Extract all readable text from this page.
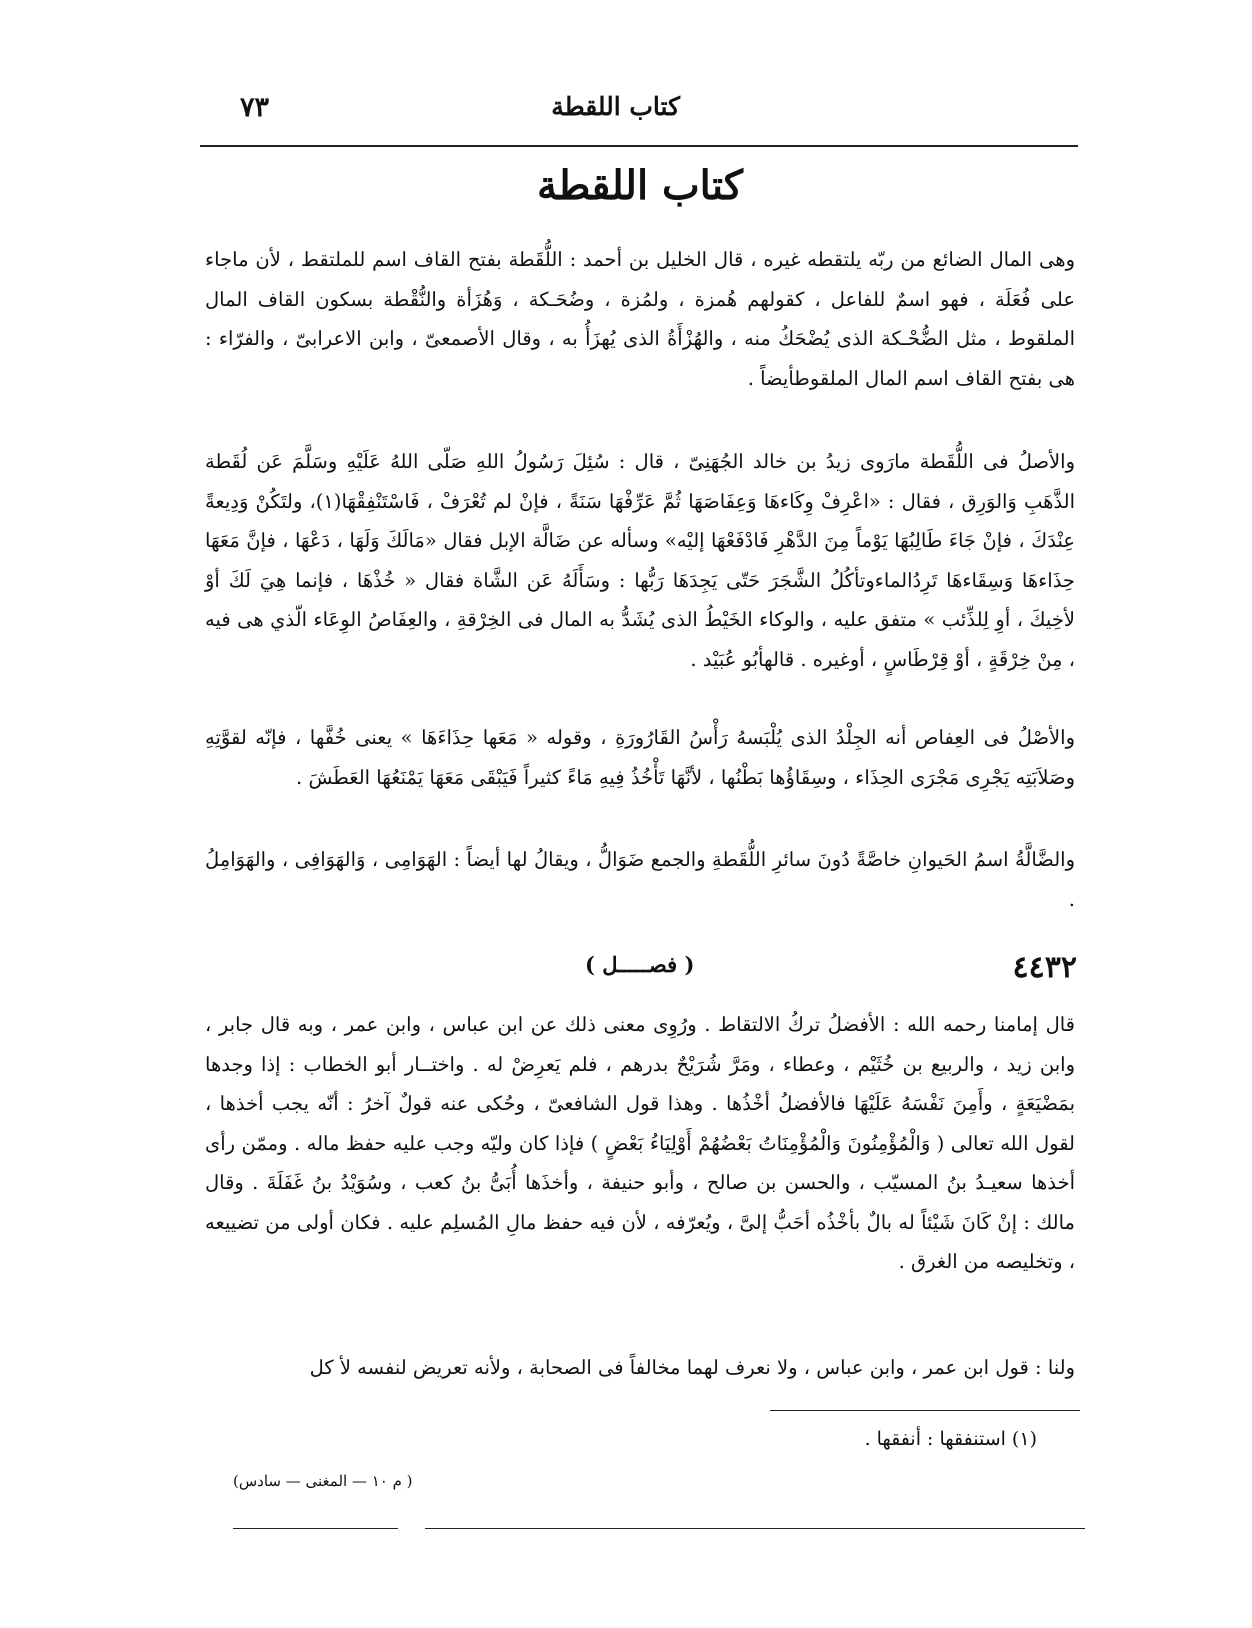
كتاب اللقطة
٧٣
كتاب اللقطة

وهى المال الضائع من ربّه يلتقطه غيره ، قال الخليل بن أحمد : اللُّقَطة بفتح القاف اسم للملتقط ، لأن ماجاء على فُعَلَة ، فهو اسمٌ للفاعل ، كقولهم هُمزة ، ولمُزة ، وضُحَـكة ، وَهُزَأة والنُّقْطة بسكون القاف المال الملقوط ، مثل الضُّحْـكة الذى يُضْحَكُ منه ، والهُزْأَةُ الذى يُهزَأُ به ، وقال الأصمعىّ ، وابن الاعرابىّ ، والفرّاء : هى بفتح القاف اسم المال الملقوطأيضاً .

والأصلُ فى اللُّقَطة مارَوى زيدُ بن خالد الجُهَنِىّ ، قال : سُئِلَ رَسُولُ اللهِ صَلّى اللهُ عَلَيْهِ وسَلَّمَ عَن لُقَطة الذَّهَبِ وَالوَرِق ، فقال : «اعْرِفْ وِكَاءهَا وَعِفَاصَهَا ثُمَّ عَرِّفْهَا سَنَةً ، فإنْ لم تُعْرَفْ ، فَاسْتَنْفِقْهَا(١)، ولتَكُنْ وَدِيعةً عِنْدَكَ ، فإنْ جَاءَ طَالِبُهَا يَوْماً مِنَ الدَّهْرِ فَادْفَعْهَا إليْه» وسأله عن ضَالَّة الإبل فقال «مَالَكَ وَلَهَا ، دَعْهَا ، فإنَّ مَعَهَا حِذَاءهَا وَسِقَاءهَا تَرِدُالماءوتأكُلُ الشَّجَرَ حَتّى يَجِدَهَا رَبُّها : وسَأَلَهُ عَن الشَّاة فقال « خُذْهَا ، فإنما هِيَ لَكَ أوْ لأخِيكَ ، أوِ لِلذِّئب » متفق عليه ، والوكاء الخَيْطُ الذى يُشَدُّ به المال فى الخِرْقةِ ، والعِفَاصُ الوِعَاء الّذي هى فيه ، مِنْ خِرْقَةٍ ، أوْ قِرْطَاسٍ ، أوغيره . قالهأبُو عُبَيْد .

والأصْلُ فى العِفاص أنه الجِلْدُ الذى يُلْبَسهُ رَأْسُ القَارُورَةِ ، وقوله « مَعَها حِذَاءَهَا » يعنى خُفَّها ، فإنّه لقوَّتِهِ وصَلاَبَتِه يَجْرِى مَجْرَى الحِذَاء ، وسِقَاؤُها بَطْنُها ، لأنَّهَا تَأْخُذُ فِيهِ مَاءً كثيراً فَيَبْقَى مَعَهَا يَمْنَعُهَا العَطَشَ .

والضَّالَّةُ اسمُ الحَيوانِ خاصَّةً دُونَ سائرِ اللُّقَطةِ والجمع ضَوَالُّ ، ويقالُ لها أيضاً : الهَوَامِى ، وَالهَوَافِى ، والهَوَامِلُ .

٤٤٣٢
( فصـــــل )

قال إمامنا رحمه الله : الأفضلُ تركُ الالتقاط . ورُوِى معنى ذلك عن ابن عباس ، وابن عمر ، وبه قال جابر ، وابن زيد ، والربيع بن خُثَيْم ، وعطاء ، ومَرَّ شُرَيْحٌ بدرهم ، فلم يَعرِضْ له . واختــار أبو الخطاب : إذا وجدها بمَضْيَعَةٍ ، وأَمِنَ نَفْسَهُ عَلَيْهَا فالأفضلُ أخْذُها . وهذا قول الشافعىّ ، وحُكى عنه قولٌ آخرُ : أنّه يجب أخذها ، لقول الله تعالى ( وَالْمُؤْمِنُونَ وَالْمُؤْمِنَاتُ بَعْضُهُمْ أَوْلِيَاءُ بَعْضٍ ) فإذا كان وليّه وجب عليه حفظ ماله . وممّن رأى أخذها سعيـدُ بنُ المسيّب ، والحسن بن صالح ، وأبو حنيفة ، وأخذَها أُبَىُّ بنُ كعب ، وسُوَيْدُ بنُ غَفَلَةَ . وقال مالك : إنْ كَانَ شَيْئاً له بالٌ بأخْذُه أحَبُّ إلىَّ ، ويُعرّفه ، لأن فيه حفظ مالِ المُسلِم عليه . فكان أولى من تضييعه ، وتخليصه من الغرق .

ولنا : قول ابن عمر ، وابن عباس ، ولا نعرف لهما مخالفاً فى الصحابة ، ولأنه تعريض لنفسه لأ كل

(١) استنفقها : أنفقها .
( م ١٠ — المغنى — سادس)
